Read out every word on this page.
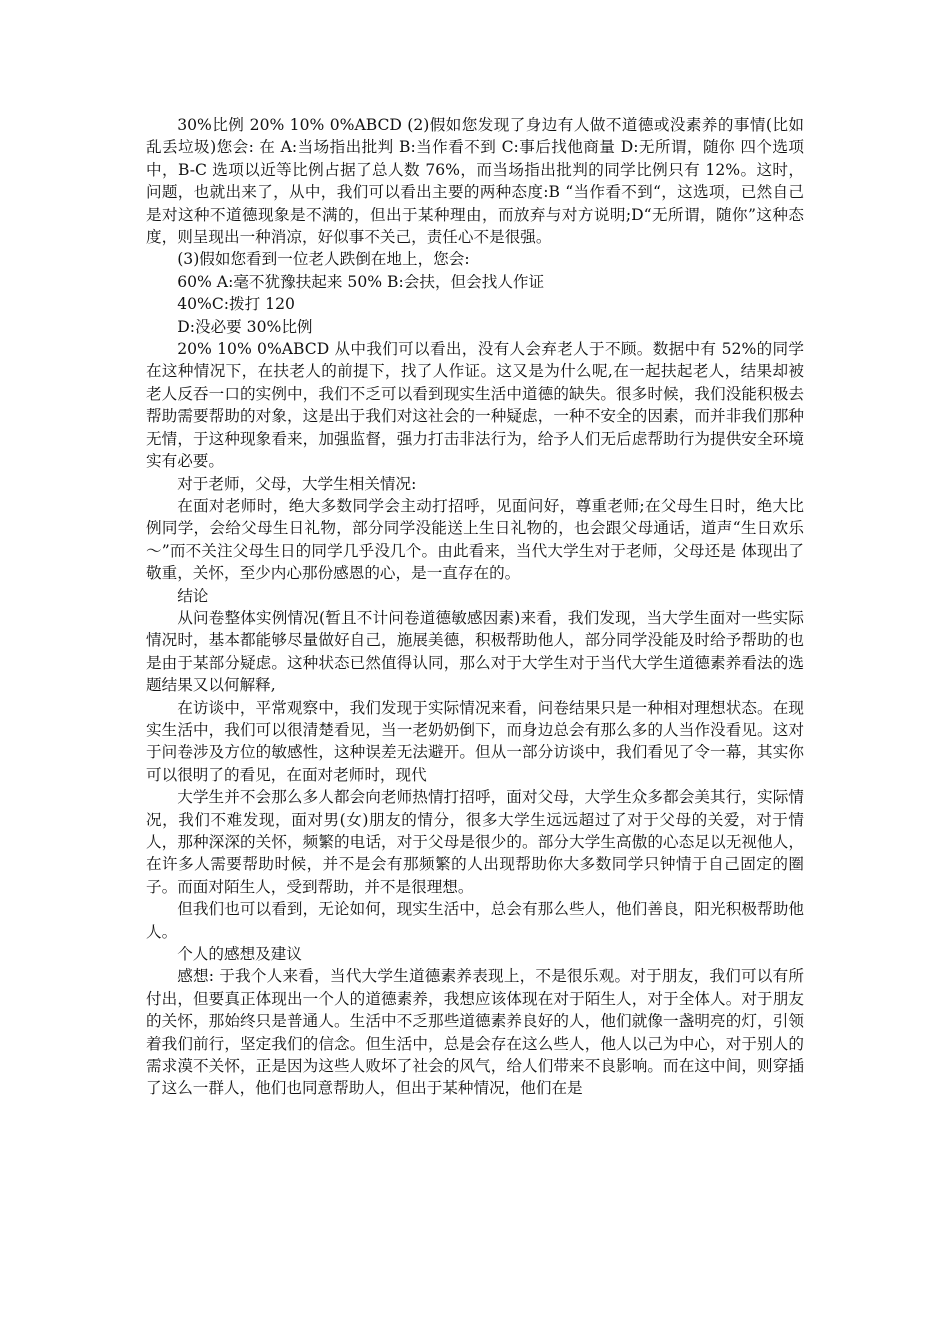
30%比例 20% 10% 0%ABCD (2)假如您发现了身边有人做不道德或没素养的事情(比如乱丢垃圾)您会: 在 A:当场指出批判 B:当作看不到 C:事后找他商量 D:无所谓，随你 四个选项中，B-C 选项以近等比例占据了总人数 76%，而当场指出批判的同学比例只有 12%。这时，问题，也就出来了，从中，我们可以看出主要的两种态度:B “当作看不到“，这选项，已然自己是对这种不道德现象是不满的，但出于某种理由，而放弃与对方说明;D“无所谓，随你”这种态度，则呈现出一种消凉，好似事不关己，责任心不是很强。

(3)假如您看到一位老人跌倒在地上，您会:

60% A:毫不犹豫扶起来 50% B:会扶，但会找人作证

40%C:拨打 120

D:没必要 30%比例

20% 10% 0%ABCD 从中我们可以看出，没有人会弃老人于不顾。数据中有 52%的同学在这种情况下，在扶老人的前提下，找了人作证。这又是为什么呢,在一起扶起老人，结果却被老人反吞一口的实例中，我们不乏可以看到现实生活中道德的缺失。很多时候，我们没能积极去帮助需要帮助的对象，这是出于我们对这社会的一种疑虑，一种不安全的因素，而并非我们那种无情，于这种现象看来，加强监督，强力打击非法行为，给予人们无后虑帮助行为提供安全环境实有必要。

对于老师，父母，大学生相关情况:

在面对老师时，绝大多数同学会主动打招呼，见面问好，尊重老师;在父母生日时，绝大比例同学，会给父母生日礼物，部分同学没能送上生日礼物的，也会跟父母通话，道声“生日欢乐～”而不关注父母生日的同学几乎没几个。由此看来，当代大学生对于老师，父母还是 体现出了敬重，关怀，至少内心那份感恩的心，是一直存在的。

结论

从问卷整体实例情况(暂且不计问卷道德敏感因素)来看，我们发现，当大学生面对一些实际情况时，基本都能够尽量做好自己，施展美德，积极帮助他人，部分同学没能及时给予帮助的也是由于某部分疑虑。这种状态已然值得认同，那么对于大学生对于当代大学生道德素养看法的选题结果又以何解释,

在访谈中，平常观察中，我们发现于实际情况来看，问卷结果只是一种相对理想状态。在现实生活中，我们可以很清楚看见，当一老奶奶倒下，而身边总会有那么多的人当作没看见。这对于问卷涉及方位的敏感性，这种误差无法避开。但从一部分访谈中，我们看见了令一幕，其实你可以很明了的看见，在面对老师时，现代

大学生并不会那么多人都会向老师热情打招呼，面对父母，大学生众多都会美其行，实际情况，我们不难发现，面对男(女)朋友的情分，很多大学生远远超过了对于父母的关爱，对于情人，那种深深的关怀，频繁的电话，对于父母是很少的。部分大学生高傲的心态足以无视他人，在许多人需要帮助时候，并不是会有那频繁的人出现帮助你大多数同学只钟情于自己固定的圈子。而面对陌生人，受到帮助，并不是很理想。

但我们也可以看到，无论如何，现实生活中，总会有那么些人，他们善良，阳光积极帮助他人。

个人的感想及建议

感想: 于我个人来看，当代大学生道德素养表现上，不是很乐观。对于朋友，我们可以有所付出，但要真正体现出一个人的道德素养，我想应该体现在对于陌生人，对于全体人。对于朋友的关怀，那始终只是普通人。生活中不乏那些道德素养良好的人，他们就像一盏明亮的灯，引领着我们前行，坚定我们的信念。但生活中，总是会存在这么些人，他人以己为中心，对于别人的需求漠不关怀，正是因为这些人败坏了社会的风气，给人们带来不良影响。而在这中间，则穿插了这么一群人，他们也同意帮助人，但出于某种情况，他们在是
